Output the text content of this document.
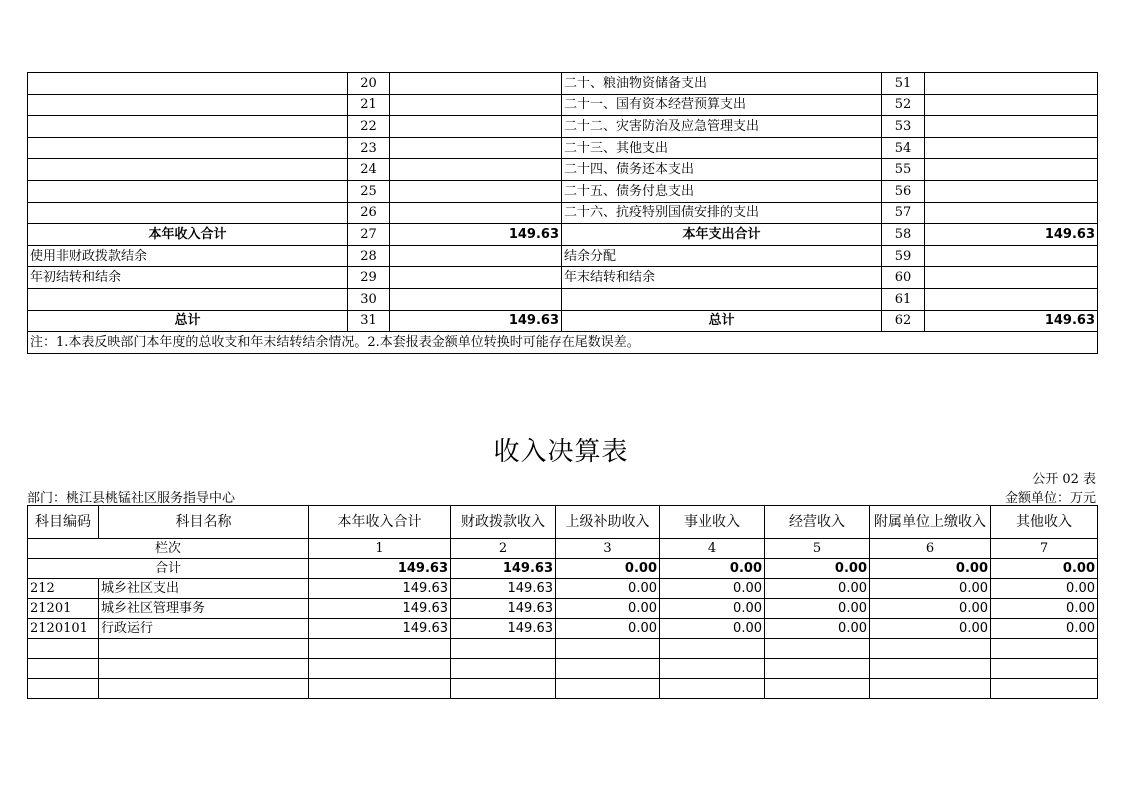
	20		二十、粮油物资储备支出	51	
	21		二十一、国有资本经营预算支出	52	
	22		二十二、灾害防治及应急管理支出	53	
	23		二十三、其他支出	54	
	24		二十四、债务还本支出	55	
	25		二十五、债务付息支出	56	
	26		二十六、抗疫特别国债安排的支出	57	
本年收入合计	27	149.63	本年支出合计	58	149.63
使用非财政拨款结余	28		结余分配	59	
年初结转和结余	29		年末结转和结余	60	
	30			61	
总计	31	149.63	总计	62	149.63
注：1.本表反映部门本年度的总收支和年末结转结余情况。2.本套报表金额单位转换时可能存在尾数误差。					
收入决算表
公开 02 表
部门：桃江县桃锰社区服务指导中心	金额单位：万元
科目编码	科目名称	本年收入合计	财政拨款收入	上级补助收入	事业收入	经营收入	附属单位上缴收入	其他收入
栏次		1	2	3	4	5	6	7
合计		149.63	149.63	0.00	0.00	0.00	0.00	0.00
212	城乡社区支出	149.63	149.63	0.00	0.00	0.00	0.00	0.00
21201	城乡社区管理事务	149.63	149.63	0.00	0.00	0.00	0.00	0.00
2120101	行政运行	149.63	149.63	0.00	0.00	0.00	0.00	0.00
